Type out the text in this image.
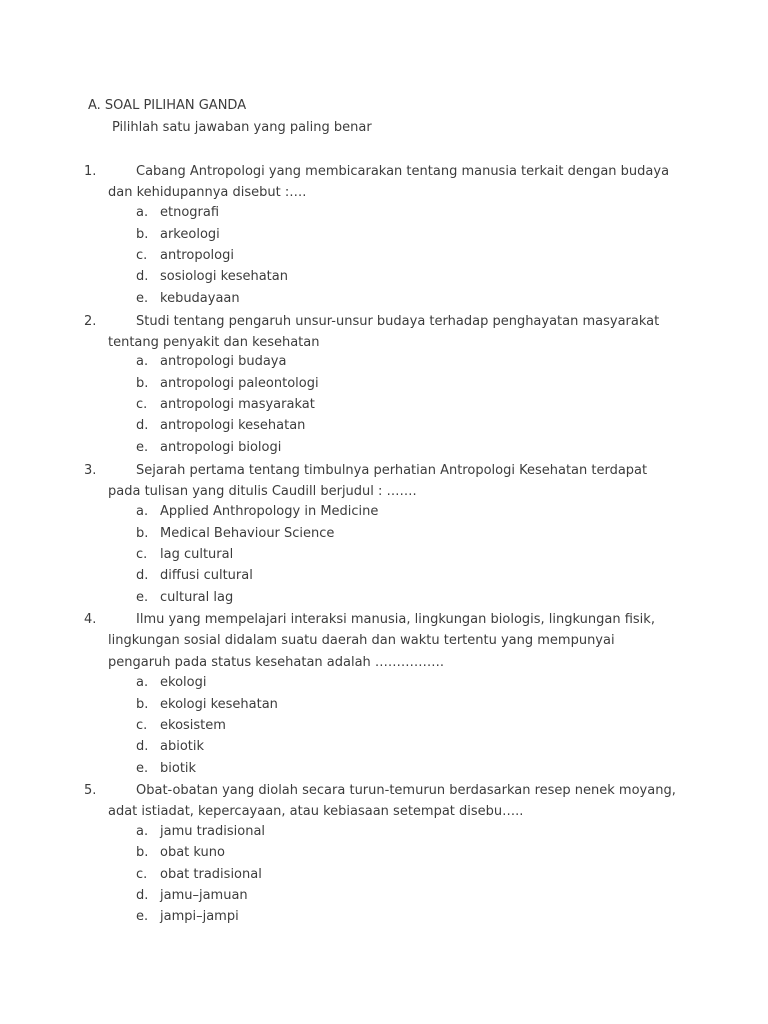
A. SOAL PILIHAN GANDA
Pilihlah satu jawaban yang paling benar
1.	Cabang Antropologi yang membicarakan tentang manusia terkait dengan budaya dan kehidupannya disebut :….
a. etnografi
b. arkeologi
c. antropologi
d. sosiologi kesehatan
e. kebudayaan
2.	Studi tentang pengaruh unsur-unsur budaya terhadap penghayatan masyarakat tentang penyakit dan kesehatan
a. antropologi budaya
b. antropologi paleontologi
c. antropologi masyarakat
d. antropologi kesehatan
e. antropologi biologi
3.	Sejarah pertama tentang timbulnya perhatian Antropologi Kesehatan terdapat pada tulisan yang ditulis Caudill berjudul : …….
a. Applied Anthropology in Medicine
b. Medical Behaviour Science
c. lag cultural
d. diffusi cultural
e. cultural lag
4.	Ilmu yang mempelajari interaksi manusia, lingkungan biologis, lingkungan fisik, lingkungan sosial didalam suatu daerah dan waktu tertentu yang mempunyai pengaruh pada status kesehatan adalah …………….
a. ekologi
b. ekologi kesehatan
c. ekosistem
d. abiotik
e. biotik
5.	Obat-obatan yang diolah secara turun-temurun berdasarkan resep nenek moyang, adat istiadat, kepercayaan, atau kebiasaan setempat disebu…..
a. jamu tradisional
b. obat kuno
c. obat tradisional
d. jamu–jamuan
e. jampi–jampi
